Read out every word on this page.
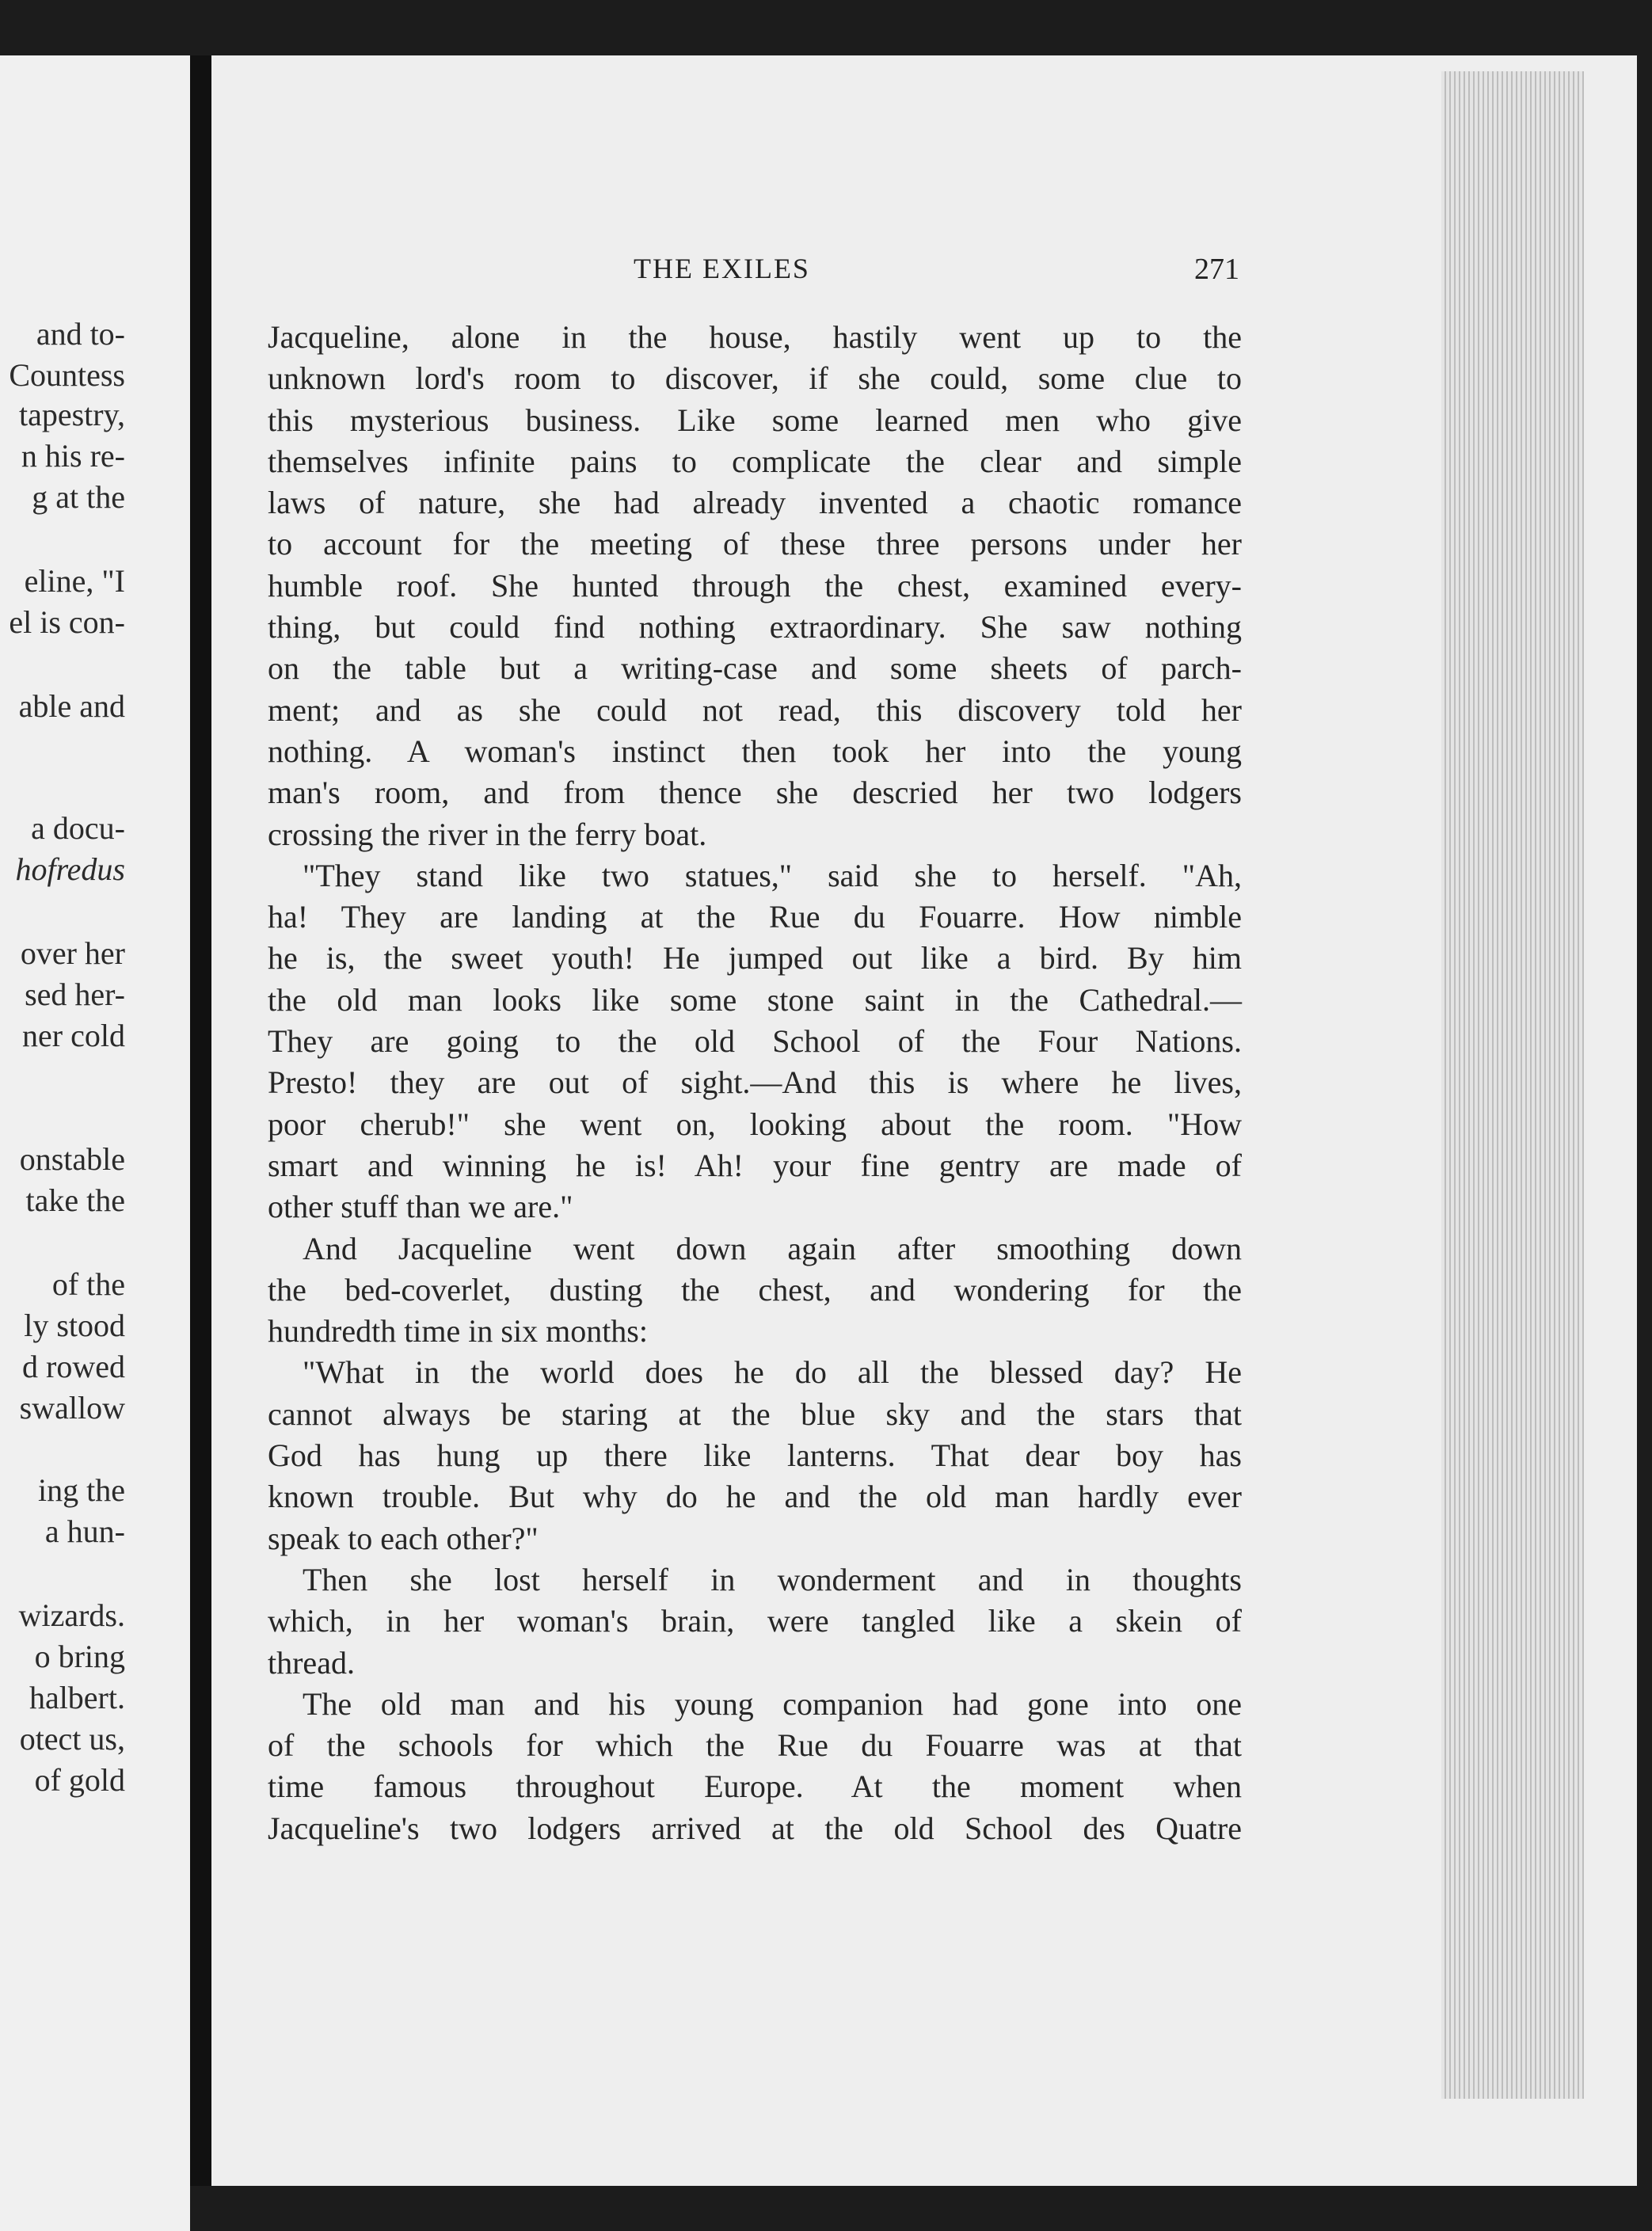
and to-
Countess
tapestry,
n his re-
g at the
eline, "I
el is con-
able and
a docu-
hofredus
over her
sed her-
ner cold
onstable
take the
of the
ly stood
d rowed
swallow
ing the
a hun-
wizards.
o bring
halbert.
otect us,
of gold
THE EXILES	271
Jacqueline, alone in the house, hastily went up to the
unknown lord's room to discover, if she could, some clue to
this mysterious business. Like some learned men who give
themselves infinite pains to complicate the clear and simple
laws of nature, she had already invented a chaotic romance
to account for the meeting of these three persons under her
humble roof. She hunted through the chest, examined every-
thing, but could find nothing extraordinary. She saw nothing
on the table but a writing-case and some sheets of parch-
ment; and as she could not read, this discovery told her
nothing. A woman's instinct then took her into the young
man's room, and from thence she descried her two lodgers
crossing the river in the ferry boat.
"They stand like two statues," said she to herself. "Ah,
ha! They are landing at the Rue du Fouarre. How nimble
he is, the sweet youth! He jumped out like a bird. By him
the old man looks like some stone saint in the Cathedral.—
They are going to the old School of the Four Nations.
Presto! they are out of sight.—And this is where he lives,
poor cherub!" she went on, looking about the room. "How
smart and winning he is! Ah! your fine gentry are made of
other stuff than we are."
And Jacqueline went down again after smoothing down
the bed-coverlet, dusting the chest, and wondering for the
hundredth time in six months:
"What in the world does he do all the blessed day? He
cannot always be staring at the blue sky and the stars that
God has hung up there like lanterns. That dear boy has
known trouble. But why do he and the old man hardly ever
speak to each other?"
Then she lost herself in wonderment and in thoughts
which, in her woman's brain, were tangled like a skein of
thread.
The old man and his young companion had gone into one
of the schools for which the Rue du Fouarre was at that
time famous throughout Europe. At the moment when
Jacqueline's two lodgers arrived at the old School des Quatre
